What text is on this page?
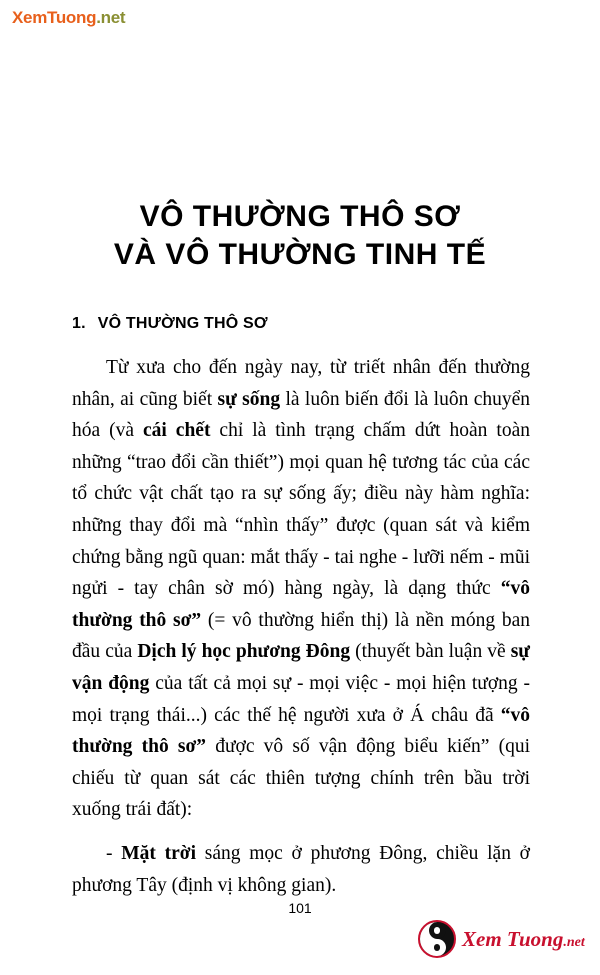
XemTuong.net
VÔ THƯỜNG THÔ SƠ
VÀ VÔ THƯỜNG TINH TẾ
1. VÔ THƯỜNG THÔ SƠ

Từ xưa cho đến ngày nay, từ triết nhân đến thường nhân, ai cũng biết sự sống là luôn biến đổi là luôn chuyển hóa (và cái chết chỉ là tình trạng chấm dứt hoàn toàn những “trao đổi cần thiết”) mọi quan hệ tương tác của các tổ chức vật chất tạo ra sự sống ấy; điều này hàm nghĩa: những thay đổi mà “nhìn thấy” được (quan sát và kiểm chứng bằng ngũ quan: mắt thấy - tai nghe - lưỡi nếm - mũi ngửi - tay chân sờ mó) hàng ngày, là dạng thức “vô thường thô sơ” (= vô thường hiển thị) là nền móng ban đầu của Dịch lý học phương Đông (thuyết bàn luận về sự vận động của tất cả mọi sự - mọi việc - mọi hiện tượng - mọi trạng thái...) các thế hệ người xưa ở Á châu đã “vô thường thô sơ” được vô số vận động biểu kiến” (qui chiếu từ quan sát các thiên tượng chính trên bầu trời xuống trái đất):

- Mặt trời sáng mọc ở phương Đông, chiều lặn ở phương Tây (định vị không gian).

101
Xem Tuong.net
